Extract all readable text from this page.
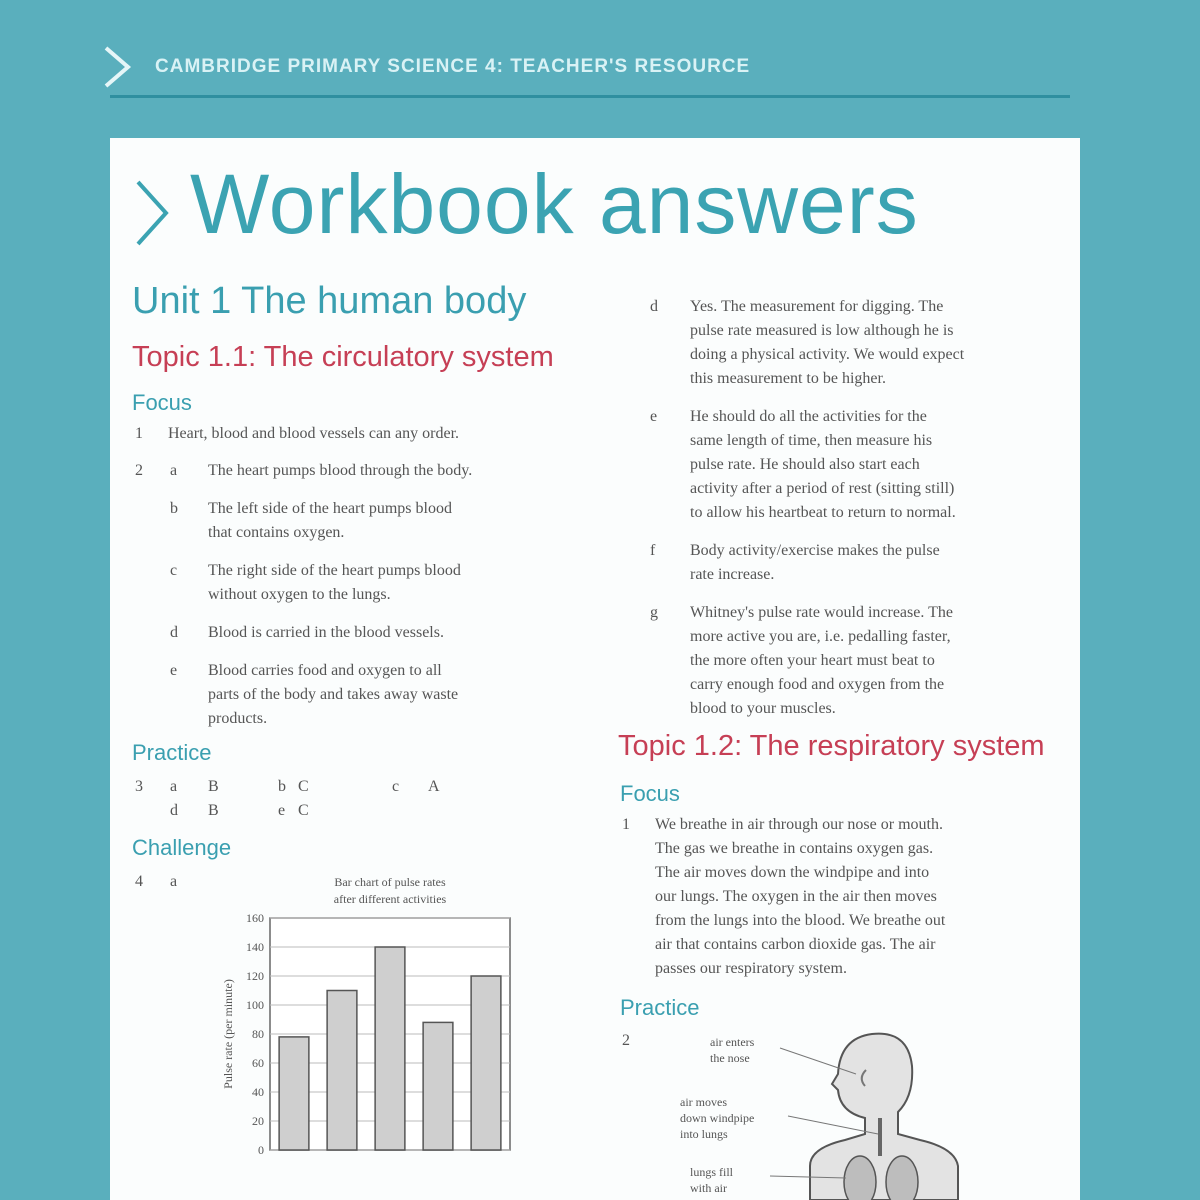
CAMBRIDGE PRIMARY SCIENCE 4: TEACHER'S RESOURCE
Workbook answers
Unit 1 The human body
Topic 1.1: The circulatory system
Focus
1 Heart, blood and blood vessels can any order.
2 a The heart pumps blood through the body.
b The left side of the heart pumps blood
that contains oxygen.
c The right side of the heart pumps blood
without oxygen to the lungs.
d Blood is carried in the blood vessels.
e Blood carries food and oxygen to all
parts of the body and takes away waste
products.
Practice
3 a B	b C	c A
d B	e C
Challenge
4 a
0
20
40
60
80
100
120
140
160
Bar chart of pulse rates
after different activities
Pulse rate (per minute)
d Yes. The measurement for digging. The
pulse rate measured is low although he is
doing a physical activity. We would expect
this measurement to be higher.
e He should do all the activities for the
same length of time, then measure his
pulse rate. He should also start each
activity after a period of rest (sitting still)
to allow his heartbeat to return to normal.
f Body activity/exercise makes the pulse
rate increase.
g Whitney's pulse rate would increase. The
more active you are, i.e. pedalling faster,
the more often your heart must beat to
carry enough food and oxygen from the
blood to your muscles.
Topic 1.2: The respiratory system
Focus
1 We breathe in air through our nose or mouth.
The gas we breathe in contains oxygen gas.
The air moves down the windpipe and into
our lungs. The oxygen in the air then moves
from the lungs into the blood. We breathe out
air that contains carbon dioxide gas. The air
passes our respiratory system.
Practice
2	air enters
the nose
air moves
down windpipe
into lungs
lungs fill
with air
